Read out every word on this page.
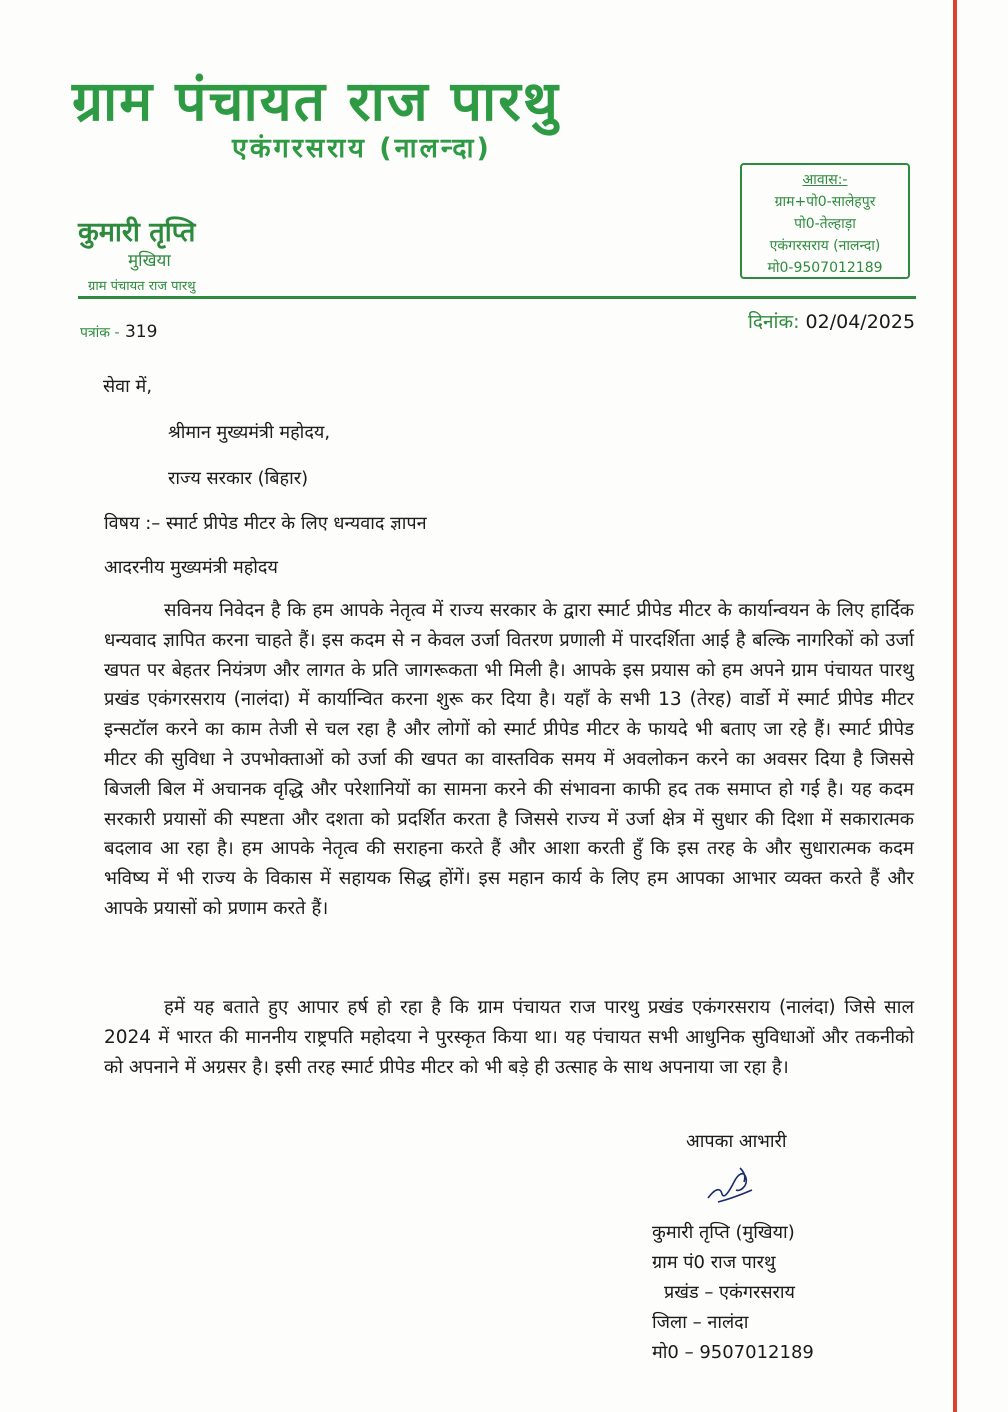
ग्राम पंचायत राज पारथु
एकंगरसराय (नालन्दा)
आवास:-
ग्राम+पो0-सालेहपुर
पो0-तेल्हाड़ा
एकंगरसराय (नालन्दा)
मो0-9507012189
कुमारी तृप्ति
मुखिया
ग्राम पंचायत राज पारथु
पत्रांक - 319	दिनांक: 02/04/2025
सेवा में,
श्रीमान मुख्यमंत्री महोदय,
राज्य सरकार (बिहार)
विषय :– स्मार्ट प्रीपेड मीटर के लिए धन्यवाद ज्ञापन
आदरनीय मुख्यमंत्री महोदय
सविनय निवेदन है कि हम आपके नेतृत्व में राज्य सरकार के द्वारा स्मार्ट प्रीपेड मीटर के कार्यान्वयन के लिए हार्दिक धन्यवाद ज्ञापित करना चाहते हैं। इस कदम से न केवल उर्जा वितरण प्रणाली में पारदर्शिता आई है बल्कि नागरिकों को उर्जा खपत पर बेहतर नियंत्रण और लागत के प्रति जागरूकता भी मिली है। आपके इस प्रयास को हम अपने ग्राम पंचायत पारथु प्रखंड एकंगरसराय (नालंदा) में कार्यान्वित करना शुरू कर दिया है। यहाँ के सभी 13 (तेरह) वार्डो में स्मार्ट प्रीपेड मीटर इन्सटॉल करने का काम तेजी से चल रहा है और लोगों को स्मार्ट प्रीपेड मीटर के फायदे भी बताए जा रहे हैं। स्मार्ट प्रीपेड मीटर की सुविधा ने उपभोक्ताओं को उर्जा की खपत का वास्तविक समय में अवलोकन करने का अवसर दिया है जिससे बिजली बिल में अचानक वृद्धि और परेशानियों का सामना करने की संभावना काफी हद तक समाप्त हो गई है। यह कदम सरकारी प्रयासों की स्पष्टता और दशता को प्रदर्शित करता है जिससे राज्य में उर्जा क्षेत्र में सुधार की दिशा में सकारात्मक बदलाव आ रहा है। हम आपके नेतृत्व की सराहना करते हैं और आशा करती हुँ कि इस तरह के और सुधारात्मक कदम भविष्य में भी राज्य के विकास में सहायक सिद्ध होंगें। इस महान कार्य के लिए हम आपका आभार व्यक्त करते हैं और आपके प्रयासों को प्रणाम करते हैं।
हमें यह बताते हुए आपार हर्ष हो रहा है कि ग्राम पंचायत राज पारथु प्रखंड एकंगरसराय (नालंदा) जिसे साल 2024 में भारत की माननीय राष्ट्रपति महोदया ने पुरस्कृत किया था। यह पंचायत सभी आधुनिक सुविधाओं और तकनीको को अपनाने में अग्रसर है। इसी तरह स्मार्ट प्रीपेड मीटर को भी बड़े ही उत्साह के साथ अपनाया जा रहा है।
आपका आभारी
कुमारी तृप्ति (मुखिया)
ग्राम पं0 राज पारथु
प्रखंड – एकंगरसराय
जिला – नालंदा
मो0 – 9507012189
